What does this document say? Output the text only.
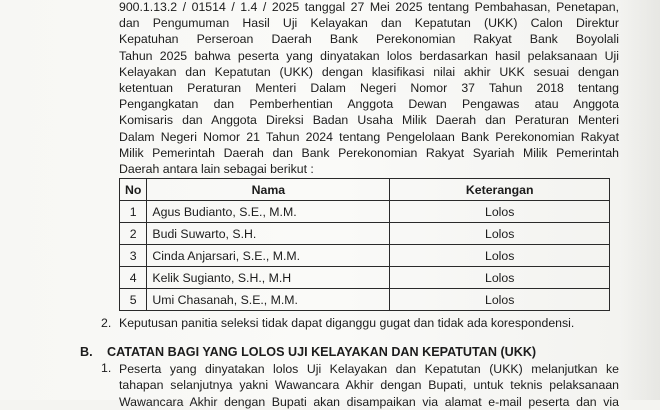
900.1.13.2 / 01514 / 1.4 / 2025 tanggal 27 Mei 2025 tentang Pembahasan, Penetapan,
dan Pengumuman Hasil Uji Kelayakan dan Kepatutan (UKK) Calon Direktur
Kepatuhan Perseroan Daerah Bank Perekonomian Rakyat Bank Boyolali
Tahun 2025 bahwa peserta yang dinyatakan lolos berdasarkan hasil pelaksanaan Uji
Kelayakan dan Kepatutan (UKK) dengan klasifikasi nilai akhir UKK sesuai dengan
ketentuan Peraturan Menteri Dalam Negeri Nomor 37 Tahun 2018 tentang
Pengangkatan dan Pemberhentian Anggota Dewan Pengawas atau Anggota
Komisaris dan Anggota Direksi Badan Usaha Milik Daerah dan Peraturan Menteri
Dalam Negeri Nomor 21 Tahun 2024 tentang Pengelolaan Bank Perekonomian Rakyat
Milik Pemerintah Daerah dan Bank Perekonomian Rakyat Syariah Milik Pemerintah
Daerah antara lain sebagai berikut :
No	Nama	Keterangan
1	Agus Budianto, S.E., M.M.	Lolos
2	Budi Suwarto, S.H.	Lolos
3	Cinda Anjarsari, S.E., M.M.	Lolos
4	Kelik Sugianto, S.H., M.H	Lolos
5	Umi Chasanah, S.E., M.M.	Lolos
2. Keputusan panitia seleksi tidak dapat diganggu gugat dan tidak ada korespondensi.
B. CATATAN BAGI YANG LOLOS UJI KELAYAKAN DAN KEPATUTAN (UKK)
1. Peserta yang dinyatakan lolos Uji Kelayakan dan Kepatutan (UKK) melanjutkan ke
tahapan selanjutnya yakni Wawancara Akhir dengan Bupati, untuk teknis pelaksanaan
Wawancara Akhir dengan Bupati akan disampaikan via alamat e-mail peserta dan via
